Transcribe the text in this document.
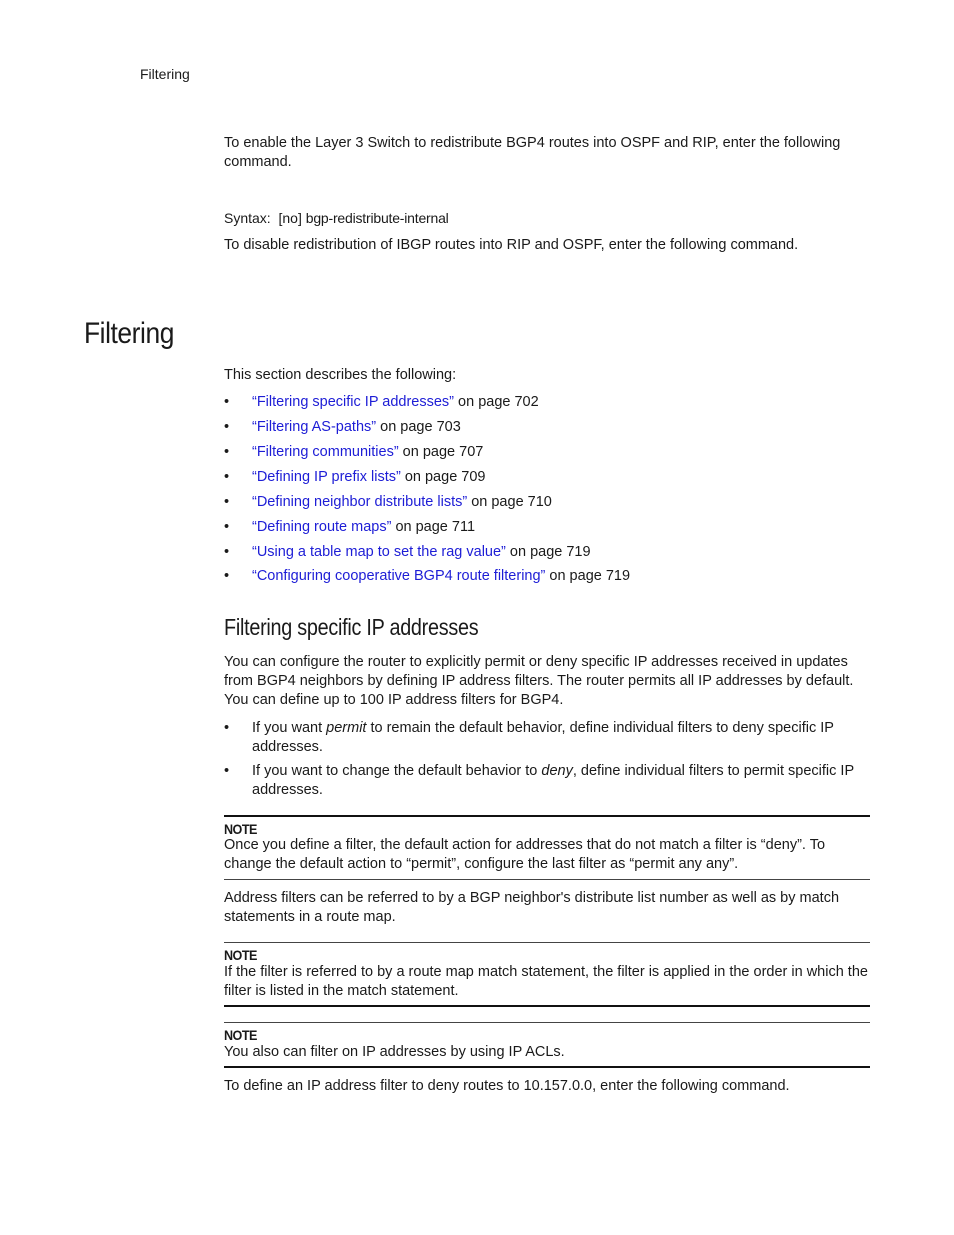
Filtering

To enable the Layer 3 Switch to redistribute BGP4 routes into OSPF and RIP, enter the following command.

Syntax: [no] bgp-redistribute-internal

To disable redistribution of IBGP routes into RIP and OSPF, enter the following command.

Filtering

This section describes the following:

• “Filtering specific IP addresses” on page 702
• “Filtering AS-paths” on page 703
• “Filtering communities” on page 707
• “Defining IP prefix lists” on page 709
• “Defining neighbor distribute lists” on page 710
• “Defining route maps” on page 711
• “Using a table map to set the rag value” on page 719
• “Configuring cooperative BGP4 route filtering” on page 719
Filtering specific IP addresses

You can configure the router to explicitly permit or deny specific IP addresses received in updates from BGP4 neighbors by defining IP address filters. The router permits all IP addresses by default. You can define up to 100 IP address filters for BGP4.

• If you want permit to remain the default behavior, define individual filters to deny specific IP addresses.
• If you want to change the default behavior to deny, define individual filters to permit specific IP addresses.
NOTE

Once you define a filter, the default action for addresses that do not match a filter is “deny”. To change the default action to “permit”, configure the last filter as “permit any any”.

Address filters can be referred to by a BGP neighbor's distribute list number as well as by match statements in a route map.

NOTE

If the filter is referred to by a route map match statement, the filter is applied in the order in which the filter is listed in the match statement.

NOTE

You also can filter on IP addresses by using IP ACLs.

To define an IP address filter to deny routes to 10.157.0.0, enter the following command.
